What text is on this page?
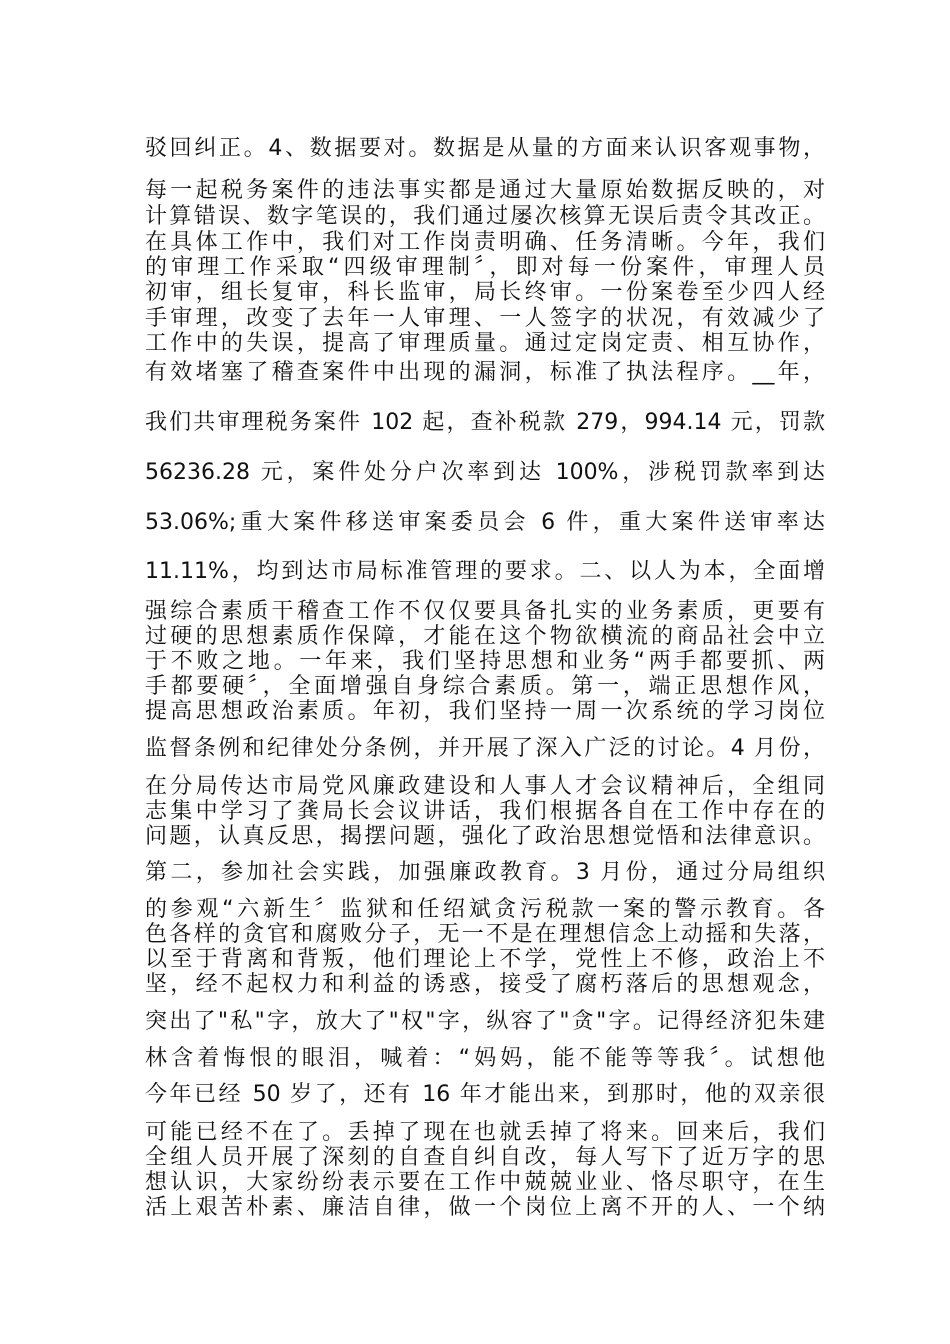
驳回纠正。4、数据要对。数据是从量的方面来认识客观事物，
每一起税务案件的违法事实都是通过大量原始数据反映的，对
计算错误、数字笔误的，我们通过屡次核算无误后责令其改正。
在具体工作中，我们对工作岗责明确、任务清晰。今年，我们
的审理工作采取“四级审理制〞，即对每一份案件，审理人员
初审，组长复审，科长监审，局长终审。一份案卷至少四人经
手审理，改变了去年一人审理、一人签字的状况，有效减少了
工作中的失误，提高了审理质量。通过定岗定责、相互协作，
有效堵塞了稽查案件中出现的漏洞，标准了执法程序。__年，
我们共审理税务案件 102 起，查补税款 279，994.14 元，罚款
56236.28 元，案件处分户次率到达 100%，涉税罚款率到达
53.06%;重大案件移送审案委员会 6 件，重大案件送审率达
11.11%，均到达市局标准管理的要求。二、以人为本，全面增
强综合素质干稽查工作不仅仅要具备扎实的业务素质，更要有
过硬的思想素质作保障，才能在这个物欲横流的商品社会中立
于不败之地。一年来，我们坚持思想和业务“两手都要抓、两
手都要硬〞，全面增强自身综合素质。第一，端正思想作风，
提高思想政治素质。年初，我们坚持一周一次系统的学习岗位
监督条例和纪律处分条例，并开展了深入广泛的讨论。4 月份，
在分局传达市局党风廉政建设和人事人才会议精神后，全组同
志集中学习了龚局长会议讲话，我们根据各自在工作中存在的
问题，认真反思，揭摆问题，强化了政治思想觉悟和法律意识。
第二，参加社会实践，加强廉政教育。3 月份，通过分局组织
的参观“六新生〞监狱和任绍斌贪污税款一案的警示教育。各
色各样的贪官和腐败分子，无一不是在理想信念上动摇和失落，
以至于背离和背叛，他们理论上不学，党性上不修，政治上不
坚，经不起权力和利益的诱惑，接受了腐朽落后的思想观念，
突出了"私"字，放大了"权"字，纵容了"贪"字。记得经济犯朱建
林含着悔恨的眼泪，喊着：“妈妈，能不能等等我〞。试想他
今年已经 50 岁了，还有 16 年才能出来，到那时，他的双亲很
可能已经不在了。丢掉了现在也就丢掉了将来。回来后，我们
全组人员开展了深刻的自查自纠自改，每人写下了近万字的思
想认识，大家纷纷表示要在工作中兢兢业业、恪尽职守，在生
活上艰苦朴素、廉洁自律，做一个岗位上离不开的人、一个纳
